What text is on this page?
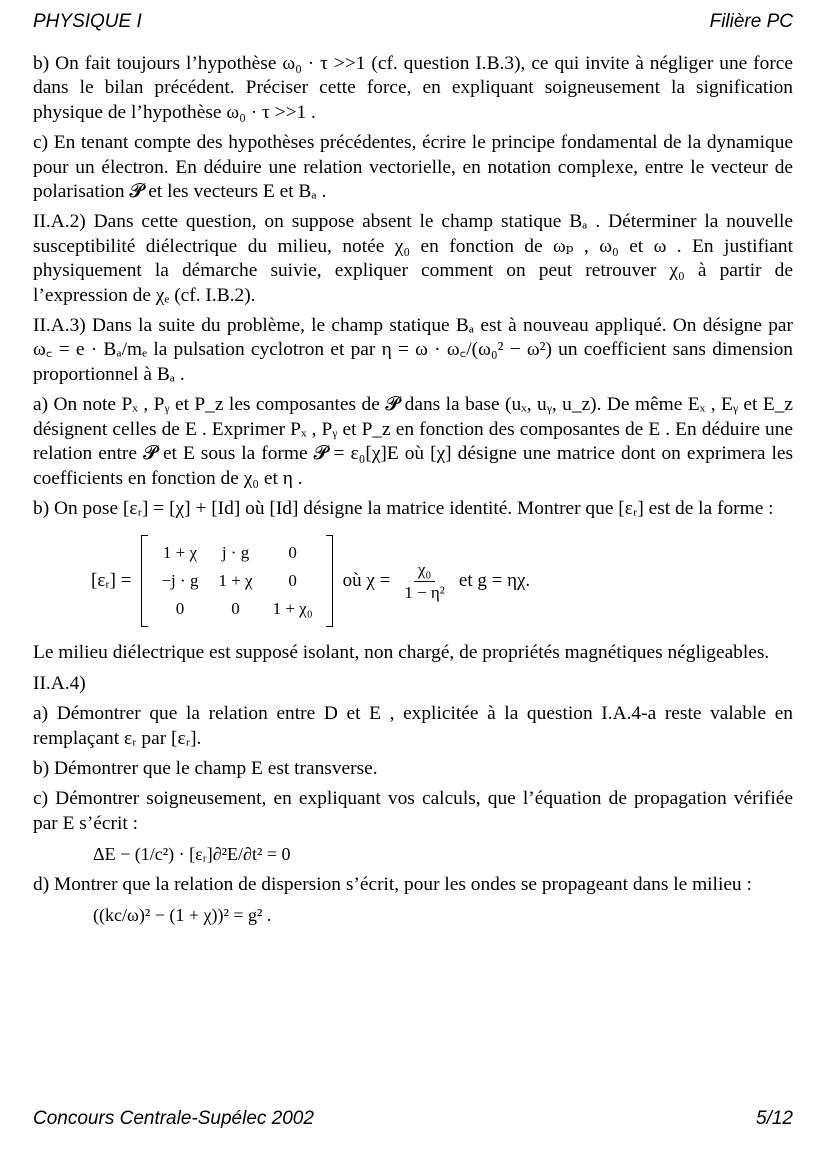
PHYSIQUE I	Filière PC

b) On fait toujours l’hypothèse ω₀ · τ >>1 (cf. question I.B.3), ce qui invite à négliger une force dans le bilan précédent. Préciser cette force, en expliquant soigneusement la signification physique de l’hypothèse ω₀ · τ >>1 .

c) En tenant compte des hypothèses précédentes, écrire le principe fondamental de la dynamique pour un électron. En déduire une relation vectorielle, en notation complexe, entre le vecteur de polarisation 𝓟 et les vecteurs E et Bₐ .

II.A.2) Dans cette question, on suppose absent le champ statique Bₐ . Déterminer la nouvelle susceptibilité diélectrique du milieu, notée χ₀ en fonction de ωₚ , ω₀ et ω . En justifiant physiquement la démarche suivie, expliquer comment on peut retrouver χ₀ à partir de l’expression de χₑ (cf. I.B.2).

II.A.3) Dans la suite du problème, le champ statique Bₐ est à nouveau appliqué. On désigne par ω꜀ = e · Bₐ/mₑ la pulsation cyclotron et par η = ω · ω꜀/(ω₀² − ω²) un coefficient sans dimension proportionnel à Bₐ .

a) On note Pₓ , Pᵧ et P_z les composantes de 𝓟 dans la base (uₓ, uᵧ, u_z). De même Eₓ , Eᵧ et E_z désignent celles de E . Exprimer Pₓ , Pᵧ et P_z en fonction des composantes de E . En déduire une relation entre 𝓟 et E sous la forme 𝓟 = ε₀[χ]E où [χ] désigne une matrice dont on exprimera les coefficients en fonction de χ₀ et η .

b) On pose [εᵣ] = [χ] + [Id] où [Id] désigne la matrice identité. Montrer que [εᵣ] est de la forme :

[εᵣ] =
1 + χ	j · g	0
−j · g	1 + χ	0
0	0	1 + χ₀
où $\chi = \frac{\text{χ₀}}{\text{1 − η²}}$ et g = ηχ.

Le milieu diélectrique est supposé isolant, non chargé, de propriétés magnétiques négligeables.

II.A.4)

a) Démontrer que la relation entre D et E , explicitée à la question I.A.4-a reste valable en remplaçant εᵣ par [εᵣ].

b) Démontrer que le champ E est transverse.

c) Démontrer soigneusement, en expliquant vos calculs, que l’équation de propagation vérifiée par E s’écrit :

ΔE − (1/c²) · [εᵣ]∂²E/∂t² = 0

d) Montrer que la relation de dispersion s’écrit, pour les ondes se propageant dans le milieu :

((kc/ω)² − (1 + χ))² = g² .
Concours Centrale-Supélec 2002	5/12
